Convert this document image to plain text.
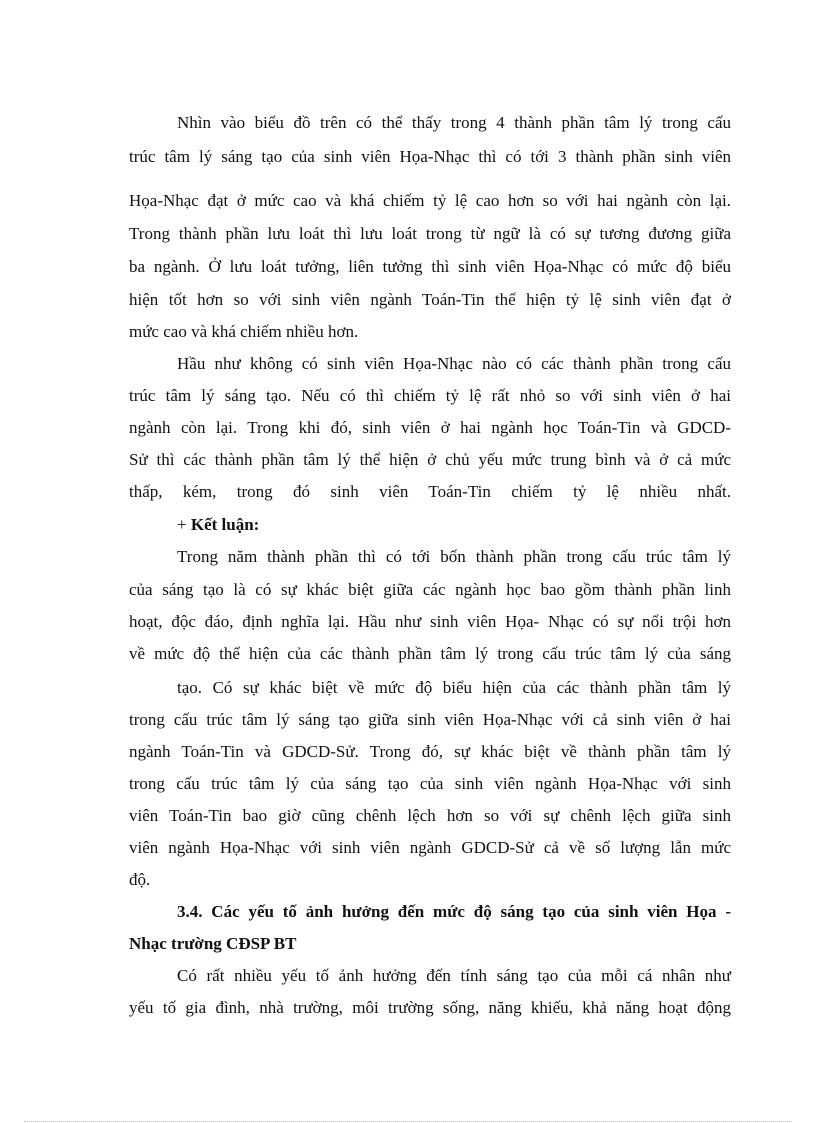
Nhìn vào biểu đồ trên có thể thấy trong 4 thành phần tâm lý trong cấu
trúc tâm lý sáng tạo của sinh viên Họa-Nhạc thì có tới 3 thành phần sinh viên
Họa-Nhạc đạt ở mức cao và khá chiếm tỷ lệ cao hơn so với hai ngành còn lại.
Trong thành phần lưu loát thì lưu loát trong từ ngữ là có sự tương đương giữa
ba ngành. Ở lưu loát tưởng, liên tưởng thì sinh viên Họa-Nhạc có mức độ biểu
hiện tốt hơn so với sinh viên ngành Toán-Tin thể hiện tỷ lệ sinh viên đạt ở
mức cao và khá chiếm nhiều hơn.
Hầu như không có sinh viên Họa-Nhạc nào có các thành phần trong cấu
trúc tâm lý sáng tạo. Nếu có thì chiếm tỷ lệ rất nhỏ so với sinh viên ở hai
ngành còn lại. Trong khi đó, sinh viên ở hai ngành học Toán-Tin và GDCD-
Sử thì các thành phần tâm lý thể hiện ở chủ yếu mức trung bình và ở cả mức
thấp, kém, trong đó sinh viên Toán-Tin chiếm tỷ lệ nhiều nhất.
+ Kết luận:
Trong năm thành phần thì có tới bốn thành phần trong cấu trúc tâm lý
của sáng tạo là có sự khác biệt giữa các ngành học bao gồm thành phần linh
hoạt, độc đáo, định nghĩa lại. Hầu như sinh viên Họa- Nhạc có sự nổi trội hơn
về mức độ thể hiện của các thành phần tâm lý trong cấu trúc tâm lý của sáng
tạo. Có sự khác biệt về mức độ biểu hiện của các thành phần tâm lý
trong cấu trúc tâm lý sáng tạo giữa sinh viên Họa-Nhạc với cả sinh viên ở hai
ngành Toán-Tin và GDCD-Sử. Trong đó, sự khác biệt về thành phần tâm lý
trong cấu trúc tâm lý của sáng tạo của sinh viên ngành Họa-Nhạc với sinh
viên Toán-Tin bao giờ cũng chênh lệch hơn so với sự chênh lệch giữa sinh
viên ngành Họa-Nhạc với sinh viên ngành GDCD-Sử cả về số lượng lẫn mức
độ.
3.4. Các yếu tố ảnh hưởng đến mức độ sáng tạo của sinh viên Họa -
Nhạc trường CĐSP BT
Có rất nhiều yếu tố ảnh hưởng đến tính sáng tạo của mỗi cá nhân như
yếu tố gia đình, nhà trường, môi trường sống, năng khiếu, khả năng hoạt động
